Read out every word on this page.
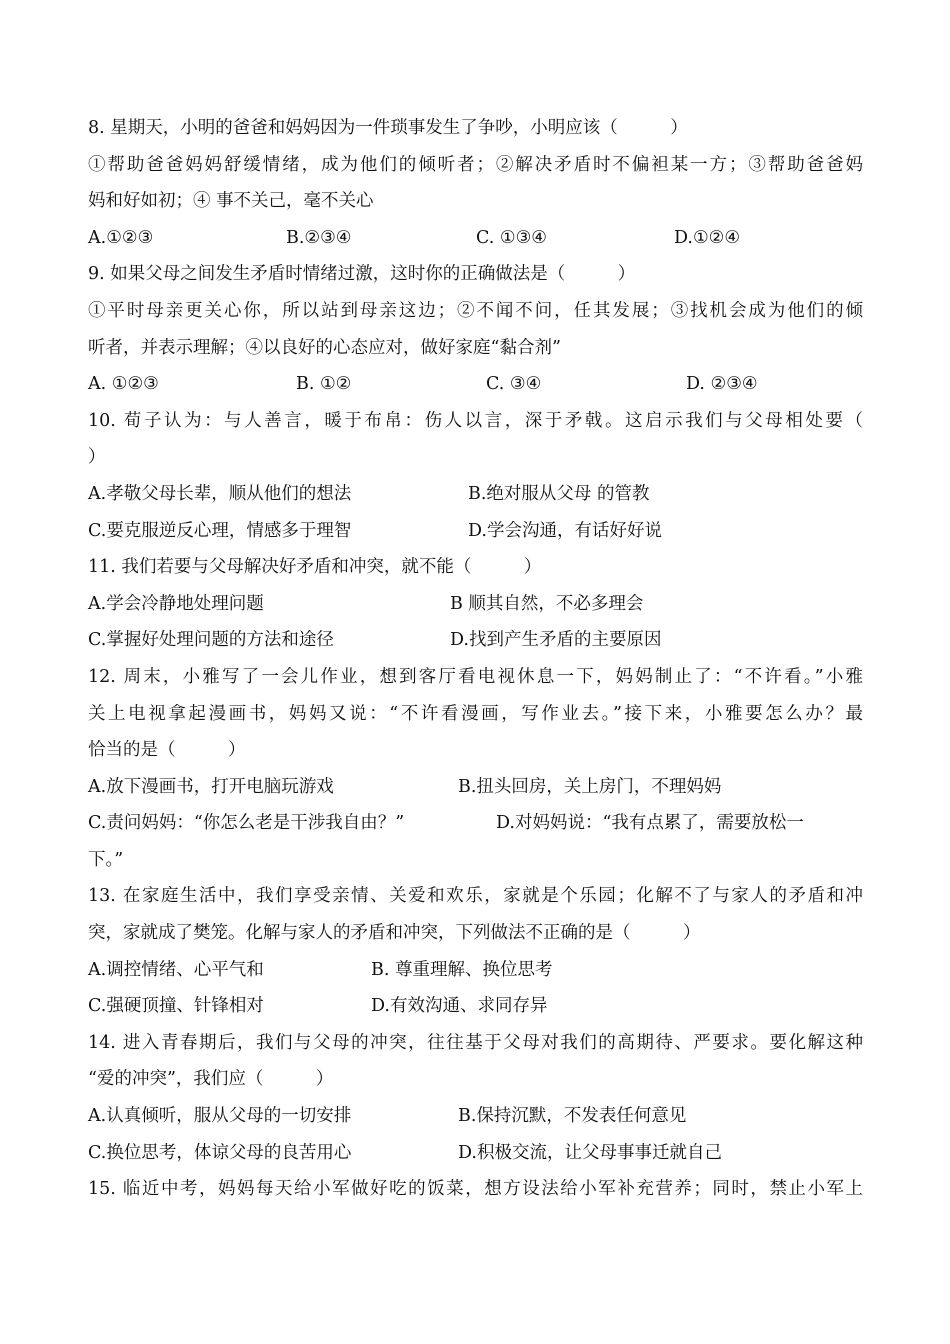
8. 星期天，小明的爸爸和妈妈因为一件琐事发生了争吵，小明应该（　　　）
①帮助爸爸妈妈舒缓情绪，成为他们的倾听者；②解决矛盾时不偏袒某一方；③帮助爸爸妈
妈和好如初；④ 事不关己，毫不关心
A.①②③	B.②③④	C. ①③④	D.①②④
9. 如果父母之间发生矛盾时情绪过激，这时你的正确做法是（　　　）
①平时母亲更关心你，所以站到母亲这边；②不闻不问，任其发展；③找机会成为他们的倾
听者，并表示理解；④以良好的心态应对，做好家庭“黏合剂”
A. ①②③	B. ①②	C. ③④	D. ②③④
10. 荀子认为：与人善言，暖于布帛：伤人以言，深于矛戟。这启示我们与父母相处要（
）
A.孝敬父母长辈，顺从他们的想法	B.绝对服从父母 的管教
C.要克服逆反心理，情感多于理智	D.学会沟通，有话好好说
11. 我们若要与父母解决好矛盾和冲突，就不能（　　　）
A.学会冷静地处理问题	B 顺其自然，不必多理会
C.掌握好处理问题的方法和途径	D.找到产生矛盾的主要原因
12. 周末，小雅写了一会儿作业，想到客厅看电视休息一下，妈妈制止了：“不许看。”小雅
关上电视拿起漫画书，妈妈又说：“不许看漫画，写作业去。”接下来，小雅要怎么办？最
恰当的是（　　　）
A.放下漫画书，打开电脑玩游戏	B.扭头回房，关上房门，不理妈妈
C.责问妈妈：“你怎么老是干涉我自由？”	D.对妈妈说：“我有点累了，需要放松一
下。”
13. 在家庭生活中，我们享受亲情、关爱和欢乐，家就是个乐园；化解不了与家人的矛盾和冲
突，家就成了樊笼。化解与家人的矛盾和冲突，下列做法不正确的是（　　　）
A.调控情绪、心平气和	B. 尊重理解、换位思考
C.强硬顶撞、针锋相对	D.有效沟通、求同存异
14. 进入青春期后，我们与父母的冲突，往往基于父母对我们的高期待、严要求。要化解这种
“爱的冲突”，我们应（　　　）
A.认真倾听，服从父母的一切安排	B.保持沉默，不发表任何意见
C.换位思考，体谅父母的良苦用心	D.积极交流，让父母事事迁就自己
15. 临近中考，妈妈每天给小军做好吃的饭菜，想方设法给小军补充营养；同时，禁止小军上
